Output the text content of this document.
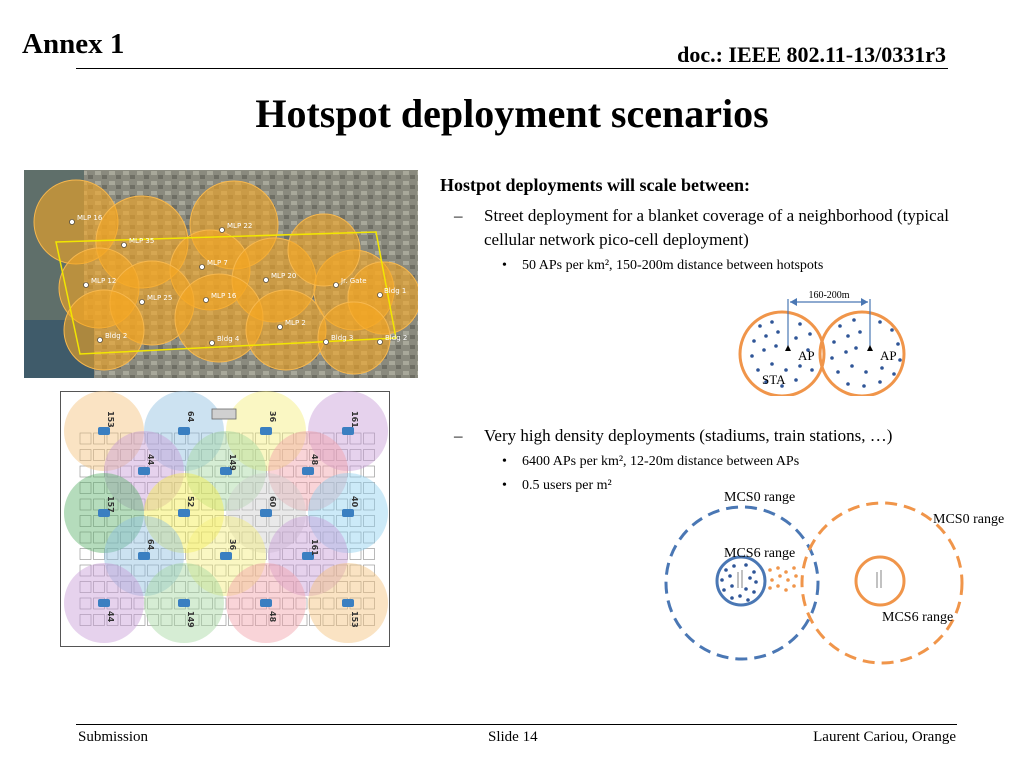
Annex 1	doc.: IEEE 802.11-13/0331r3
Hotspot deployment scenarios
MLP 16
MLP 35
MLP 22
MLP 7
MLP 12
MLP 20
Jr. Gate
Bldg 1
MLP 25	MLP 16
MLP 2
Bldg 2	Bldg 4	Bldg 3	Bldg 2
153	64	36	161
44	149	48
157	52	60	40
64	36	161
44	149	48	153
Hostpot deployments will scale between:
– Street deployment for a blanket coverage of a neighborhood (typical cellular network pico-cell deployment)
• 50 APs per km², 150-200m distance between hotspots
– Very high density deployments (stadiums, train stations, …)
• 6400 APs per km², 12-20m distance between APs
• 0.5 users per m²
160-200m
AP	AP
STA
MCS0 range
MCS0 range
MCS6 range
MCS6 range
Submission	Slide 14	Laurent Cariou, Orange
